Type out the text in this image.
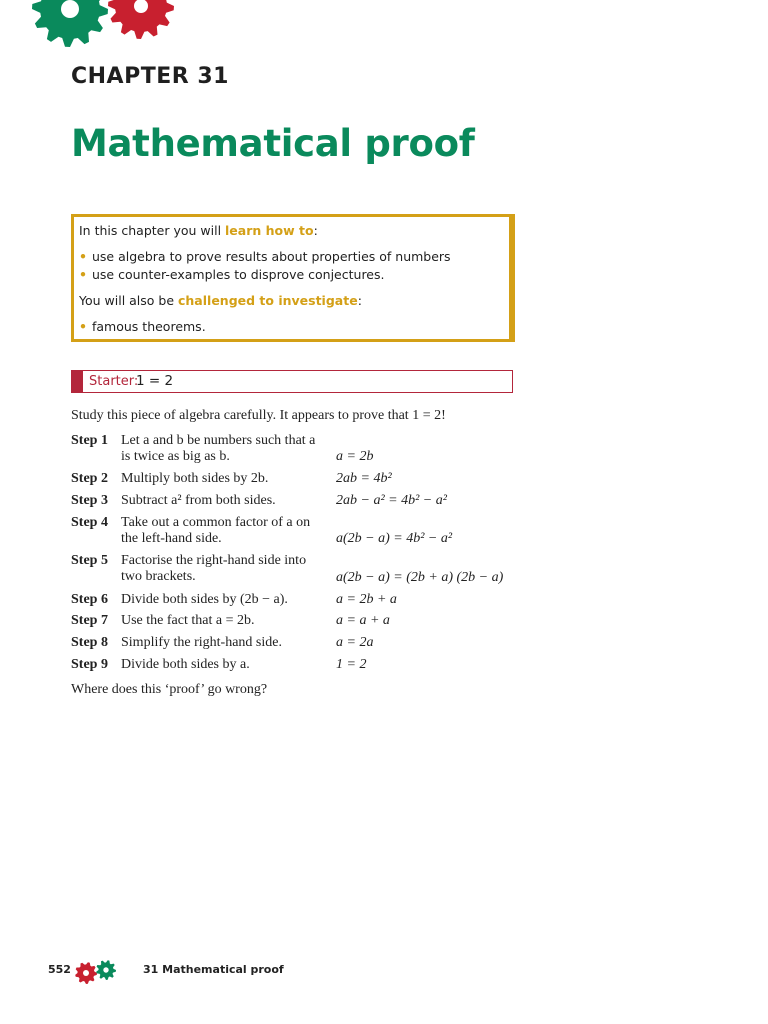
CHAPTER 31
Mathematical proof
In this chapter you will learn how to:
• use algebra to prove results about properties of numbers
• use counter-examples to disprove conjectures.
You will also be challenged to investigate:
• famous theorems.
Starter:
1 = 2
Study this piece of algebra carefully. It appears to prove that 1 = 2!
Step 1 Let a and b be numbers such that a
is twice as big as b.	a = 2b
Step 2 Multiply both sides by 2b.	2ab = 4b²
Step 3 Subtract a² from both sides.	2ab − a² = 4b² − a²
Step 4 Take out a common factor of a on
the left-hand side.	a(2b − a) = 4b² − a²
Step 5 Factorise the right-hand side into
two brackets.	a(2b − a) = (2b + a) (2b − a)
Step 6 Divide both sides by (2b − a).	a = 2b + a
Step 7 Use the fact that a = 2b.	a = a + a
Step 8 Simplify the right-hand side.	a = 2a
Step 9 Divide both sides by a.	1 = 2
Where does this ‘proof’ go wrong?
552	31 Mathematical proof
